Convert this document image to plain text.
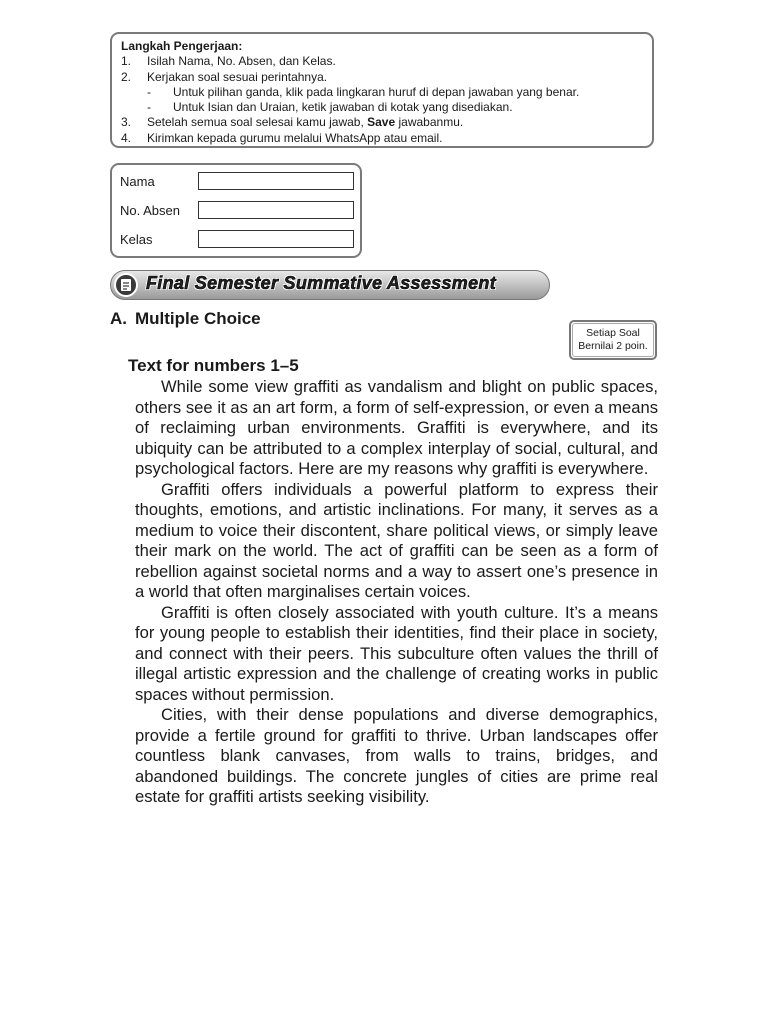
Langkah Pengerjaan:
1.	Isilah Nama, No. Absen, dan Kelas.
2.	Kerjakan soal sesuai perintahnya.
-	Untuk pilihan ganda, klik pada lingkaran huruf di depan jawaban yang benar.
-	Untuk Isian dan Uraian, ketik jawaban di kotak yang disediakan.
3.	Setelah semua soal selesai kamu jawab, Save jawabanmu.
4.	Kirimkan kepada gurumu melalui WhatsApp atau email.
Nama
No. Absen
Kelas
Final Semester Summative Assessment
A. Multiple Choice
Setiap Soal
Bernilai 2 poin.
Text for numbers 1–5

While some view graffiti as vandalism and blight on public spaces, others see it as an art form, a form of self-expression, or even a means of reclaiming urban environments. Graffiti is everywhere, and its ubiquity can be attributed to a complex interplay of social, cultural, and psychological factors. Here are my reasons why graffiti is everywhere.

Graffiti offers individuals a powerful platform to express their thoughts, emotions, and artistic inclinations. For many, it serves as a medium to voice their discontent, share political views, or simply leave their mark on the world. The act of graffiti can be seen as a form of rebellion against societal norms and a way to assert one’s presence in a world that often marginalises certain voices.

Graffiti is often closely associated with youth culture. It’s a means for young people to establish their identities, find their place in society, and connect with their peers. This subculture often values the thrill of illegal artistic expression and the challenge of creating works in public spaces without permission.

Cities, with their dense populations and diverse demographics, provide a fertile ground for graffiti to thrive. Urban landscapes offer countless blank canvases, from walls to trains, bridges, and abandoned buildings. The concrete jungles of cities are prime real estate for graffiti artists seeking visibility.
